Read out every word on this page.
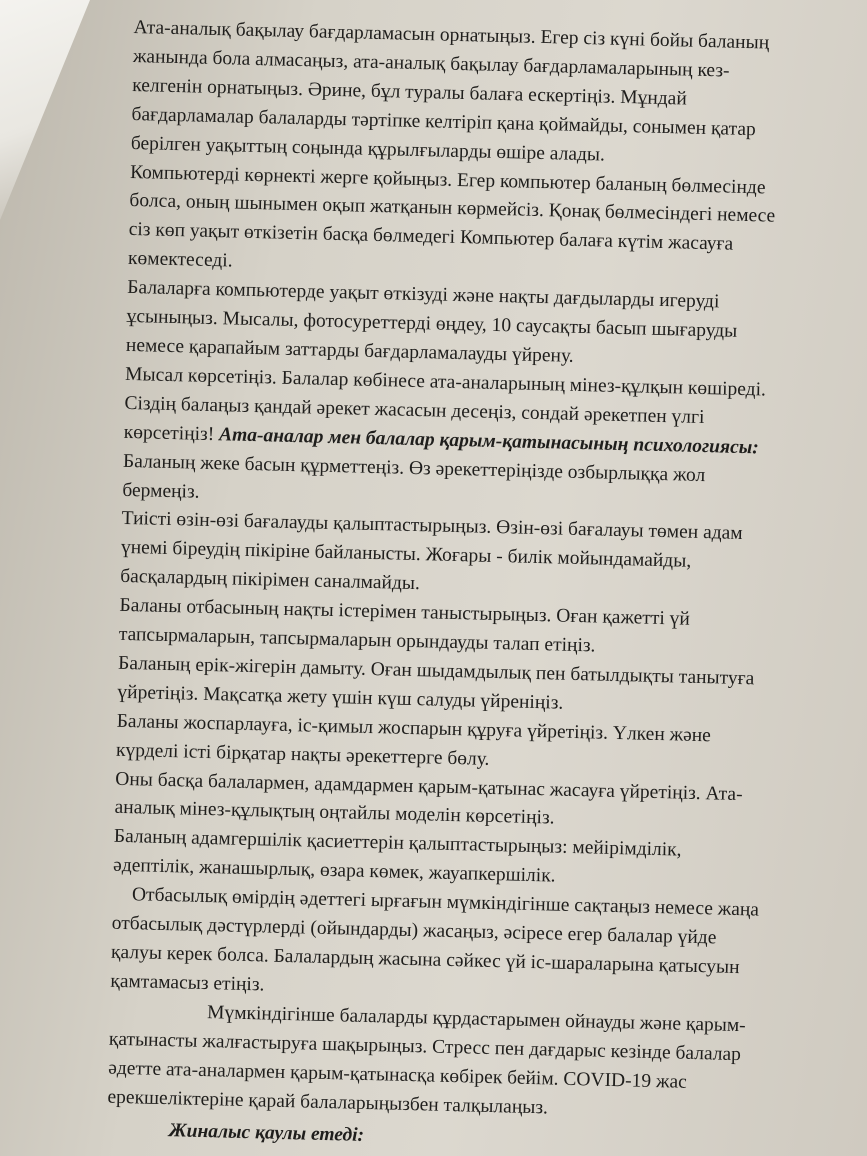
Ата-аналық бақылау бағдарламасын орнатыңыз. Егер сіз күні бойы баланың
жанында бола алмасаңыз, ата-аналық бақылау бағдарламаларының кез-
келгенін орнатыңыз. Әрине, бұл туралы балаға ескертіңіз. Мұндай
бағдарламалар балаларды тәртіпке келтіріп қана қоймайды, сонымен қатар
берілген уақыттың соңында құрылғыларды өшіре алады.
Компьютерді көрнекті жерге қойыңыз. Егер компьютер баланың бөлмесінде
болса, оның шынымен оқып жатқанын көрмейсіз. Қонақ бөлмесіндегі немесе
сіз көп уақыт өткізетін басқа бөлмедегі Компьютер балаға күтім жасауға
көмектеседі.
Балаларға компьютерде уақыт өткізуді және нақты дағдыларды игеруді
ұсыныңыз. Мысалы, фотосуреттерді өңдеу, 10 саусақты басып шығаруды
немесе қарапайым заттарды бағдарламалауды үйрену.
Мысал көрсетіңіз. Балалар көбінесе ата-аналарының мінез-құлқын көшіреді.
Сіздің балаңыз қандай әрекет жасасын десеңіз, сондай әрекетпен үлгі
көрсетіңіз! Ата-аналар мен балалар қарым-қатынасының психологиясы:
Баланың жеке басын құрметтеңіз. Өз әрекеттеріңізде озбырлыққа жол
бермеңіз.
Тиісті өзін-өзі бағалауды қалыптастырыңыз. Өзін-өзі бағалауы төмен адам
үнемі біреудің пікіріне байланысты. Жоғары - билік мойындамайды,
басқалардың пікірімен саналмайды.
Баланы отбасының нақты істерімен таныстырыңыз. Оған қажетті үй
тапсырмаларын, тапсырмаларын орындауды талап етіңіз.
Баланың ерік-жігерін дамыту. Оған шыдамдылық пен батылдықты танытуға
үйретіңіз. Мақсатқа жету үшін күш салуды үйреніңіз.
Баланы жоспарлауға, іс-қимыл жоспарын құруға үйретіңіз. Үлкен және
күрделі істі бірқатар нақты әрекеттерге бөлу.
Оны басқа балалармен, адамдармен қарым-қатынас жасауға үйретіңіз. Ата-
аналық мінез-құлықтың оңтайлы моделін көрсетіңіз.
Баланың адамгершілік қасиеттерін қалыптастырыңыз: мейірімділік,
әдептілік, жанашырлық, өзара көмек, жауапкершілік.
Отбасылық өмірдің әдеттегі ырғағын мүмкіндігінше сақтаңыз немесе жаңа
отбасылық дәстүрлерді (ойындарды) жасаңыз, әсіресе егер балалар үйде
қалуы керек болса. Балалардың жасына сәйкес үй іс-шараларына қатысуын
қамтамасыз етіңіз.
Мүмкіндігінше балаларды құрдастарымен ойнауды және қарым-
қатынасты жалғастыруға шақырыңыз. Стресс пен дағдарыс кезінде балалар
әдетте ата-аналармен қарым-қатынасқа көбірек бейім. COVID-19 жас
ерекшеліктеріне қарай балаларыңызбен талқылаңыз.
Жиналыс қаулы етеді:
